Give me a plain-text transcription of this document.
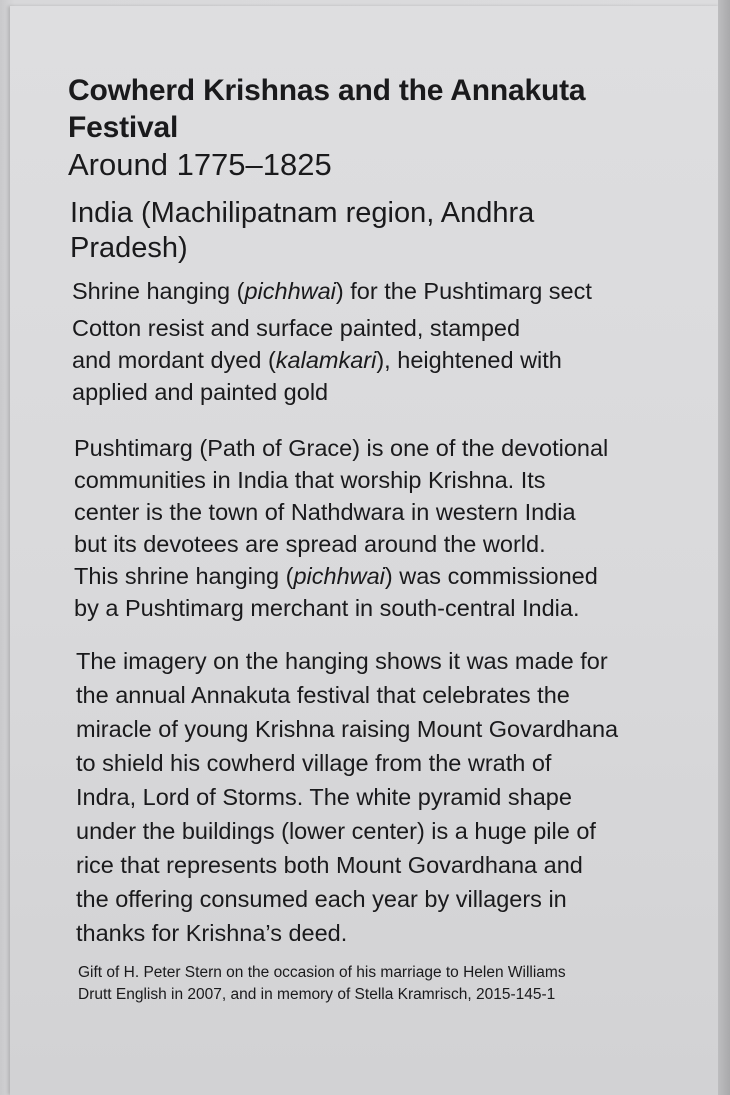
Cowherd Krishnas and the Annakuta
Festival
Around 1775–1825
India (Machilipatnam region, Andhra
Pradesh)
Shrine hanging (pichhwai) for the Pushtimarg sect
Cotton resist and surface painted, stamped
and mordant dyed (kalamkari), heightened with
applied and painted gold
Pushtimarg (Path of Grace) is one of the devotional
communities in India that worship Krishna. Its
center is the town of Nathdwara in western India
but its devotees are spread around the world.
This shrine hanging (pichhwai) was commissioned
by a Pushtimarg merchant in south-central India.
The imagery on the hanging shows it was made for
the annual Annakuta festival that celebrates the
miracle of young Krishna raising Mount Govardhana
to shield his cowherd village from the wrath of
Indra, Lord of Storms. The white pyramid shape
under the buildings (lower center) is a huge pile of
rice that represents both Mount Govardhana and
the offering consumed each year by villagers in
thanks for Krishna’s deed.
Gift of H. Peter Stern on the occasion of his marriage to Helen Williams
Drutt English in 2007, and in memory of Stella Kramrisch, 2015-145-1
